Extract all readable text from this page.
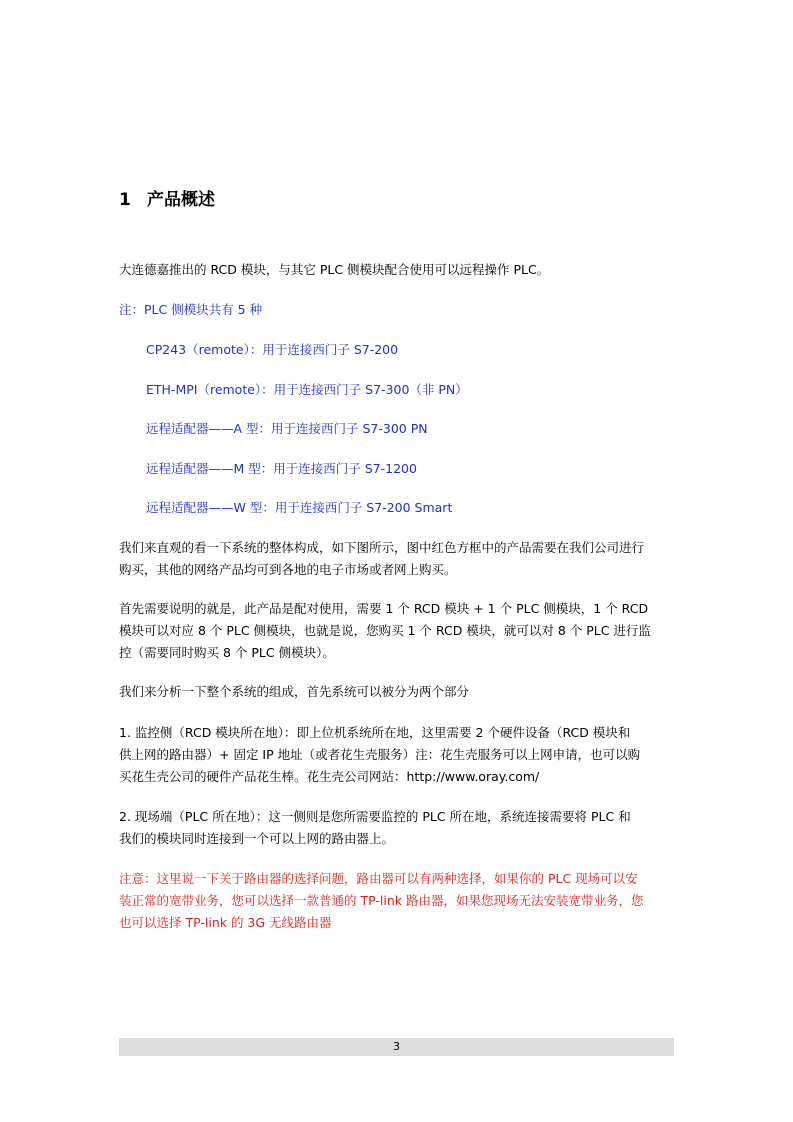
1 产品概述
大连德嘉推出的 RCD 模块，与其它 PLC 侧模块配合使用可以远程操作 PLC。
注：PLC 侧模块共有 5 种
CP243（remote）：用于连接西门子 S7-200
ETH-MPI（remote）：用于连接西门子 S7-300（非 PN）
远程适配器——A 型：用于连接西门子 S7-300 PN
远程适配器——M 型：用于连接西门子 S7-1200
远程适配器——W 型：用于连接西门子 S7-200 Smart
我们来直观的看一下系统的整体构成，如下图所示，图中红色方框中的产品需要在我们公司进行
购买，其他的网络产品均可到各地的电子市场或者网上购买。
首先需要说明的就是，此产品是配对使用，需要 1 个 RCD 模块 + 1 个 PLC 侧模块，1 个 RCD
模块可以对应 8 个 PLC 侧模块，也就是说，您购买 1 个 RCD 模块，就可以对 8 个 PLC 进行监
控（需要同时购买 8 个 PLC 侧模块）。
我们来分析一下整个系统的组成，首先系统可以被分为两个部分
1. 监控侧（RCD 模块所在地）：即上位机系统所在地，这里需要 2 个硬件设备（RCD 模块和
供上网的路由器）+ 固定 IP 地址（或者花生壳服务）注：花生壳服务可以上网申请，也可以购
买花生壳公司的硬件产品花生棒。花生壳公司网站：http://www.oray.com/
2. 现场端（PLC 所在地）：这一侧则是您所需要监控的 PLC 所在地，系统连接需要将 PLC 和
我们的模块同时连接到一个可以上网的路由器上。
注意：这里说一下关于路由器的选择问题，路由器可以有两种选择，如果你的 PLC 现场可以安
装正常的宽带业务，您可以选择一款普通的 TP-link 路由器，如果您现场无法安装宽带业务，您
也可以选择 TP-link 的 3G 无线路由器
3
